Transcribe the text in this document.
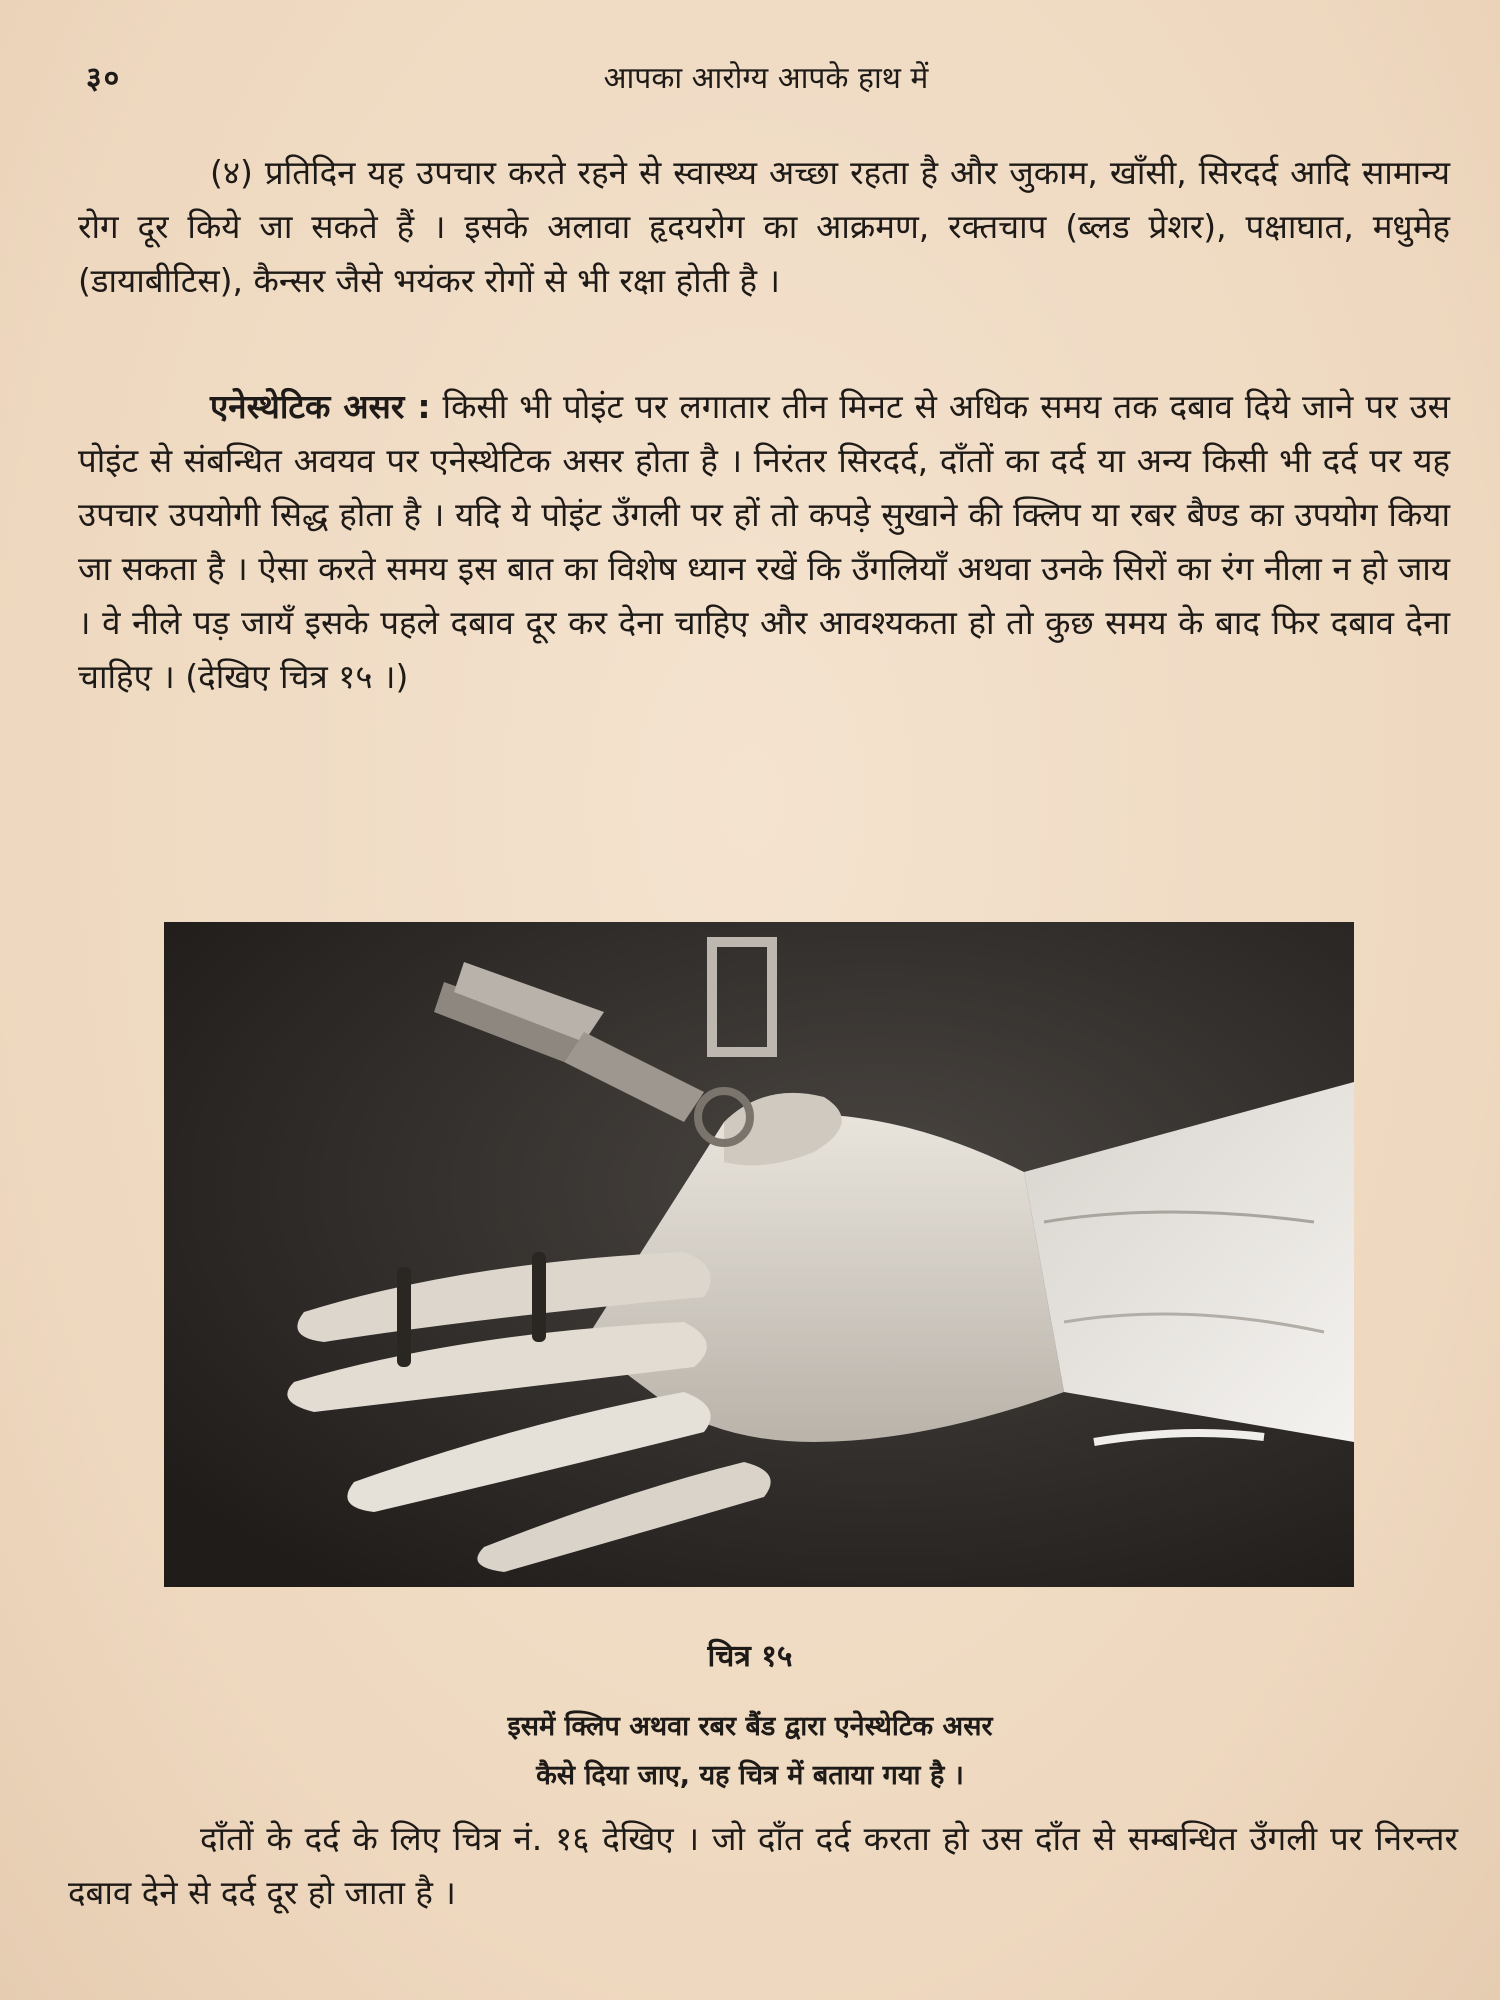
३०	आपका आरोग्य आपके हाथ में
(४) प्रतिदिन यह उपचार करते रहने से स्वास्थ्य अच्छा रहता है और जुकाम, खाँसी, सिरदर्द आदि सामान्य रोग दूर किये जा सकते हैं । इसके अलावा हृदयरोग का आक्रमण, रक्तचाप (ब्लड प्रेशर), पक्षाघात, मधुमेह (डायाबीटिस), कैन्सर जैसे भयंकर रोगों से भी रक्षा होती है ।
एनेस्थेटिक असर : किसी भी पोइंट पर लगातार तीन मिनट से अधिक समय तक दबाव दिये जाने पर उस पोइंट से संबन्धित अवयव पर एनेस्थेटिक असर होता है । निरंतर सिरदर्द, दाँतों का दर्द या अन्य किसी भी दर्द पर यह उपचार उपयोगी सिद्ध होता है । यदि ये पोइंट उँगली पर हों तो कपड़े सुखाने की क्लिप या रबर बैण्ड का उपयोग किया जा सकता है । ऐसा करते समय इस बात का विशेष ध्यान रखें कि उँगलियाँ अथवा उनके सिरों का रंग नीला न हो जाय । वे नीले पड़ जायँ इसके पहले दबाव दूर कर देना चाहिए और आवश्यकता हो तो कुछ समय के बाद फिर दबाव देना चाहिए । (देखिए चित्र १५ ।)
चित्र १५
इसमें क्लिप अथवा रबर बैंड द्वारा एनेस्थेटिक असर
कैसे दिया जाए, यह चित्र में बताया गया है ।
दाँतों के दर्द के लिए चित्र नं. १६ देखिए । जो दाँत दर्द करता हो उस दाँत से सम्बन्धित उँगली पर निरन्तर दबाव देने से दर्द दूर हो जाता है ।
